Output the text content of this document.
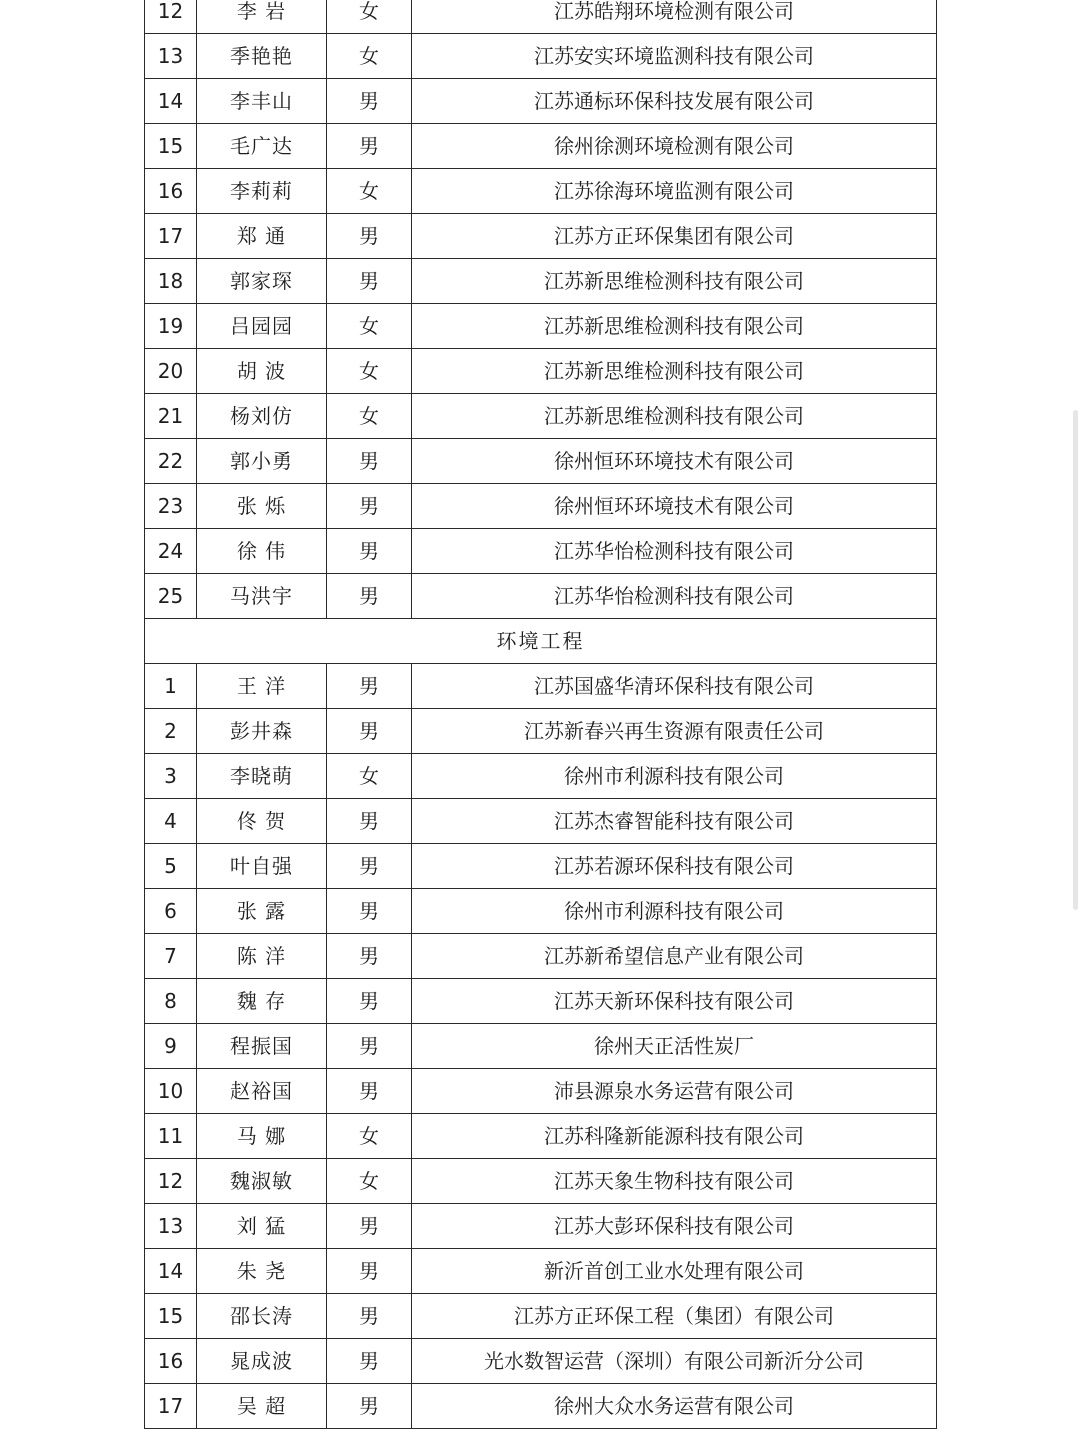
12	李 岩	女	江苏皓翔环境检测有限公司
13	季艳艳	女	江苏安实环境监测科技有限公司
14	李丰山	男	江苏通标环保科技发展有限公司
15	毛广达	男	徐州徐测环境检测有限公司
16	李莉莉	女	江苏徐海环境监测有限公司
17	郑 通	男	江苏方正环保集团有限公司
18	郭家琛	男	江苏新思维检测科技有限公司
19	吕园园	女	江苏新思维检测科技有限公司
20	胡 波	女	江苏新思维检测科技有限公司
21	杨刘仿	女	江苏新思维检测科技有限公司
22	郭小勇	男	徐州恒环环境技术有限公司
23	张 烁	男	徐州恒环环境技术有限公司
24	徐 伟	男	江苏华怡检测科技有限公司
25	马洪宇	男	江苏华怡检测科技有限公司
环境工程			
1	王 洋	男	江苏国盛华清环保科技有限公司
2	彭井森	男	江苏新春兴再生资源有限责任公司
3	李晓萌	女	徐州市利源科技有限公司
4	佟 贺	男	江苏杰睿智能科技有限公司
5	叶自强	男	江苏若源环保科技有限公司
6	张 露	男	徐州市利源科技有限公司
7	陈 洋	男	江苏新希望信息产业有限公司
8	魏 存	男	江苏天新环保科技有限公司
9	程振国	男	徐州天正活性炭厂
10	赵裕国	男	沛县源泉水务运营有限公司
11	马 娜	女	江苏科隆新能源科技有限公司
12	魏淑敏	女	江苏天象生物科技有限公司
13	刘 猛	男	江苏大彭环保科技有限公司
14	朱 尧	男	新沂首创工业水处理有限公司
15	邵长涛	男	江苏方正环保工程（集团）有限公司
16	晁成波	男	光水数智运营（深圳）有限公司新沂分公司
17	吴 超	男	徐州大众水务运营有限公司
